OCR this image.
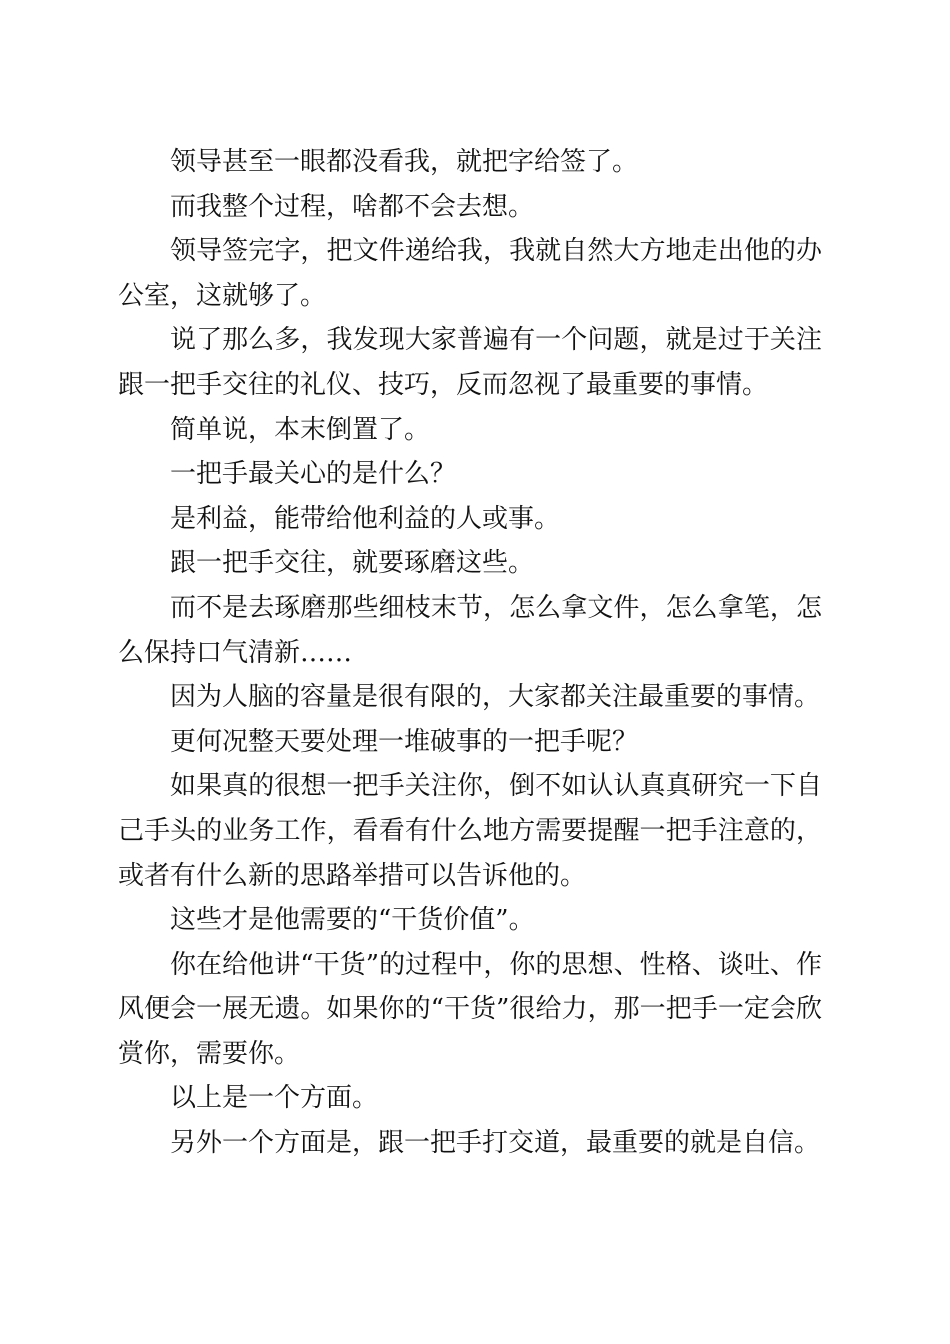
领导甚至一眼都没看我，就把字给签了。

而我整个过程，啥都不会去想。

领导签完字，把文件递给我，我就自然大方地走出他的办公室，这就够了。

说了那么多，我发现大家普遍有一个问题，就是过于关注跟一把手交往的礼仪、技巧，反而忽视了最重要的事情。

简单说，本末倒置了。

一把手最关心的是什么？

是利益，能带给他利益的人或事。

跟一把手交往，就要琢磨这些。

而不是去琢磨那些细枝末节，怎么拿文件，怎么拿笔，怎么保持口气清新……

因为人脑的容量是很有限的，大家都关注最重要的事情。

更何况整天要处理一堆破事的一把手呢？

如果真的很想一把手关注你，倒不如认认真真研究一下自己手头的业务工作，看看有什么地方需要提醒一把手注意的，或者有什么新的思路举措可以告诉他的。

这些才是他需要的“干货价值”。

你在给他讲“干货”的过程中，你的思想、性格、谈吐、作风便会一展无遗。如果你的“干货”很给力，那一把手一定会欣赏你，需要你。

以上是一个方面。

另外一个方面是，跟一把手打交道，最重要的就是自信。
